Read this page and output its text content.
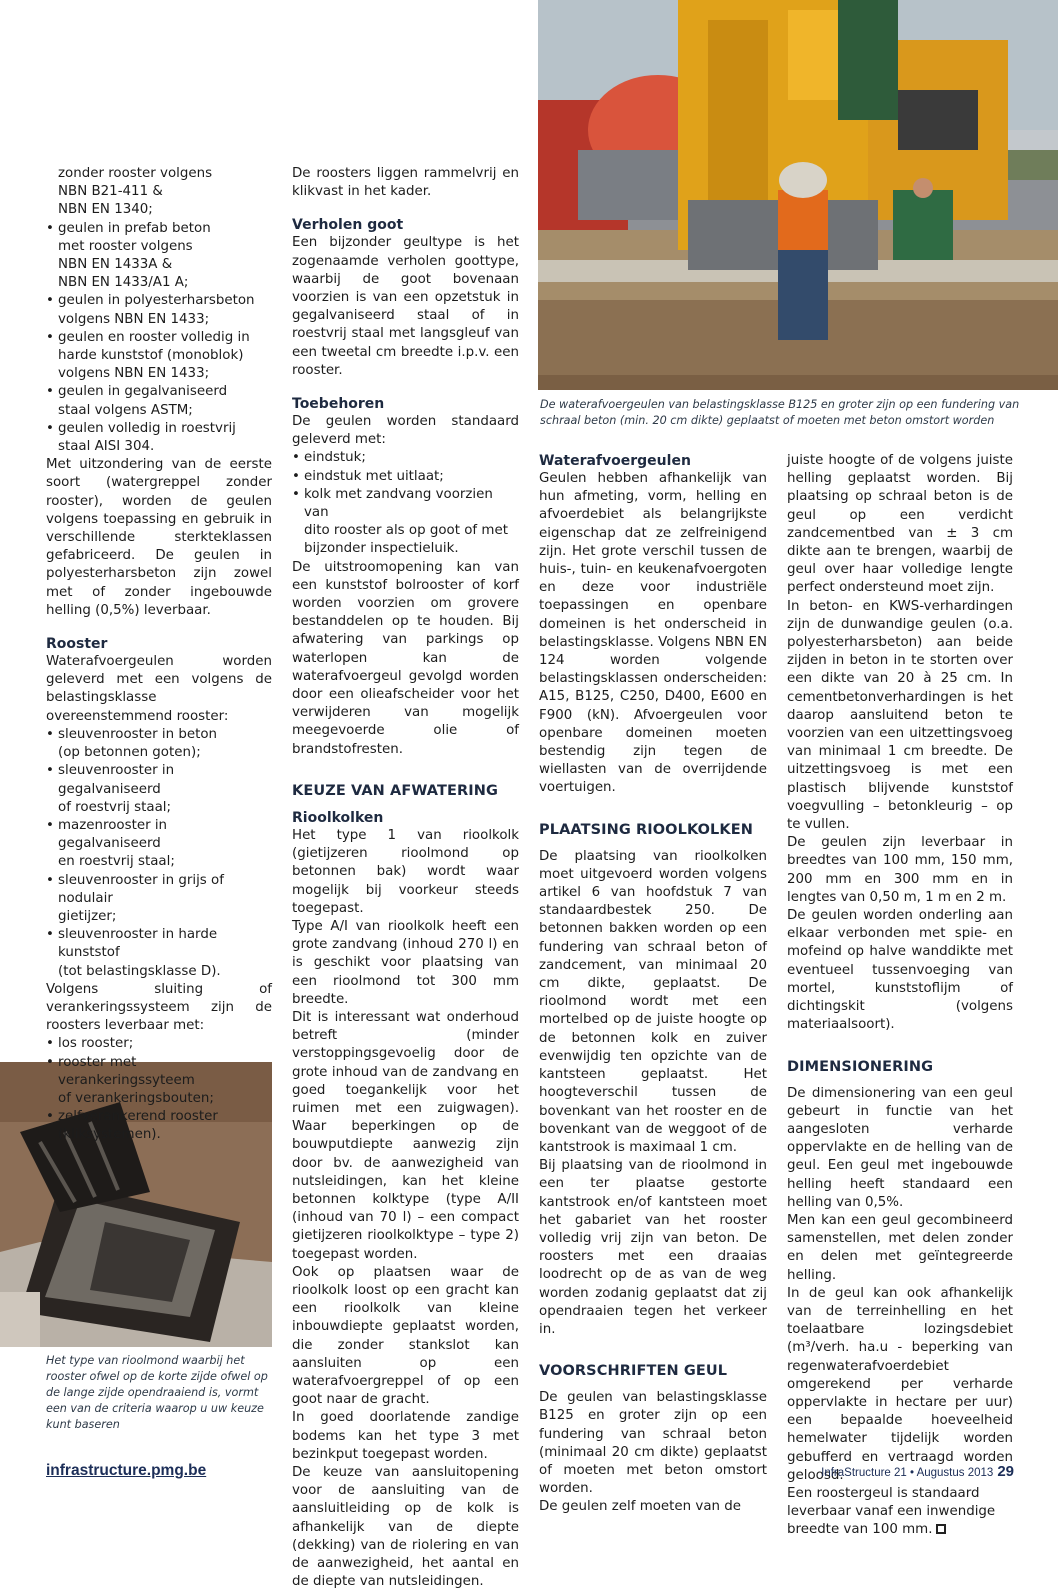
De waterafvoergeulen van belastingsklasse B125 en groter zijn op een fundering van schraal beton (min. 20 cm dikte) geplaatst of moeten met beton omstort worden

Het type van rioolmond waarbij het rooster ofwel op de korte zijde ofwel op de lange zijde opendraaiend is, vormt een van de criteria waarop u uw keuze kunt baseren

zonder rooster volgens
NBN B21-411 &
NBN EN 1340;

• geulen in prefab beton
met rooster volgens
NBN EN 1433A &
NBN EN 1433/A1 A;
• geulen in polyesterharsbeton
volgens NBN EN 1433;
• geulen en rooster volledig in
harde kunststof (monoblok)
volgens NBN EN 1433;
• geulen in gegalvaniseerd
staal volgens ASTM;
• geulen volledig in roestvrij
staal AISI 304.

Met uitzondering van de eerste soort (watergreppel zonder rooster), worden de geulen volgens toepassing en gebruik in verschillende sterkteklassen gefabriceerd. De geulen in polyesterharsbeton zijn zowel met of zonder ingebouwde helling (0,5%) leverbaar.

Rooster

Waterafvoergeulen worden geleverd met een volgens de belastingsklasse overeenstemmend rooster:

• sleuvenrooster in beton
(op betonnen goten);
• sleuvenrooster in gegalvaniseerd
of roestvrij staal;
• mazenrooster in gegalvaniseerd
en roestvrij staal;
• sleuvenrooster in grijs of nodulair
gietijzer;
• sleuvenrooster in harde kunststof
(tot belastingsklasse D).

Volgens sluiting of verankeringssysteem zijn de roosters leverbaar met:

• los rooster;
• rooster met verankeringssyteem
of verankeringsbouten;
• zelfverankerend rooster (kliksystemen).

De roosters liggen rammelvrij en klikvast in het kader.

Verholen goot

Een bijzonder geultype is het zogenaamde verholen goottype, waarbij de goot bovenaan voorzien is van een opzetstuk in gegalvaniseerd staal of in roestvrij staal met langsgleuf van een tweetal cm breedte i.p.v. een rooster.

Toebehoren

De geulen worden standaard geleverd met:

• eindstuk;
• eindstuk met uitlaat;
• kolk met zandvang voorzien van
dito rooster als op goot of met
bijzonder inspectieluik.

De uitstroomopening kan van een kunststof bolrooster of korf worden voorzien om grovere bestanddelen op te houden. Bij afwatering van parkings op waterlopen kan de waterafvoergeul gevolgd worden door een olieafscheider voor het verwijderen van mogelijk meegevoerde olie of brandstofresten.

KEUZE VAN AFWATERING
Rioolkolken

Het type 1 van rioolkolk (gietijzeren rioolmond op betonnen bak) wordt waar mogelijk bij voorkeur steeds toegepast.

Type A/I van rioolkolk heeft een grote zandvang (inhoud 270 l) en is geschikt voor plaatsing van een rioolmond tot 300 mm breedte.

Dit is interessant wat onderhoud betreft (minder verstoppingsgevoelig door de grote inhoud van de zandvang en goed toegankelijk voor het ruimen met een zuigwagen). Waar beperkingen op de bouwputdiepte aanwezig zijn door bv. de aanwezigheid van nutsleidingen, kan het kleine betonnen kolktype (type A/II (inhoud van 70 l) – een compact gietijzeren rioolkolktype – type 2) toegepast worden.

Ook op plaatsen waar de rioolkolk loost op een gracht kan een rioolkolk van kleine inbouwdiepte geplaatst worden, die zonder stankslot kan aansluiten op een waterafvoergreppel of op een goot naar de gracht.

In goed doorlatende zandige bodems kan het type 3 met bezinkput toegepast worden.

De keuze van aansluitopening voor de aansluiting van de aansluitleiding op de kolk is afhankelijk van de diepte (dekking) van de riolering en van de aanwezigheid, het aantal en de diepte van nutsleidingen.

Waterafvoergeulen

Geulen hebben afhankelijk van hun afmeting, vorm, helling en afvoerdebiet als belangrijkste eigenschap dat ze zelfreinigend zijn. Het grote verschil tussen de huis-, tuin- en keukenafvoergoten en deze voor industriële toepassingen en openbare domeinen is het onderscheid in belastingsklasse. Volgens NBN EN 124 worden volgende belastingsklassen onderscheiden: A15, B125, C250, D400, E600 en F900 (kN). Afvoergeulen voor openbare domeinen moeten bestendig zijn tegen de wiellasten van de overrijdende voertuigen.

PLAATSING RIOOLKOLKEN

De plaatsing van rioolkolken moet uitgevoerd worden volgens artikel 6 van hoofdstuk 7 van standaardbestek 250. De betonnen bakken worden op een fundering van schraal beton of zandcement, van minimaal 20 cm dikte, geplaatst. De rioolmond wordt met een mortelbed op de juiste hoogte op de betonnen kolk en zuiver evenwijdig ten opzichte van de kantsteen geplaatst. Het hoogteverschil tussen de bovenkant van het rooster en de bovenkant van de weggoot of de kantstrook is maximaal 1 cm.

Bij plaatsing van de rioolmond in een ter plaatse gestorte kantstrook en/of kantsteen moet het gabariet van het rooster volledig vrij zijn van beton. De roosters met een draaias loodrecht op de as van de weg worden zodanig geplaatst dat zij opendraaien tegen het verkeer in.

VOORSCHRIFTEN GEUL

De geulen van belastingsklasse B125 en groter zijn op een fundering van schraal beton (minimaal 20 cm dikte) geplaatst of moeten met beton omstort worden.

De geulen zelf moeten van de

juiste hoogte of de volgens juiste helling geplaatst worden. Bij plaatsing op schraal beton is de geul op een verdicht zandcementbed van ± 3 cm dikte aan te brengen, waarbij de geul over haar volledige lengte perfect ondersteund moet zijn.

In beton- en KWS-verhardingen zijn de dunwandige geulen (o.a. polyesterharsbeton) aan beide zijden in beton in te storten over een dikte van 20 à 25 cm. In cementbetonverhardingen is het daarop aansluitend beton te voorzien van een uitzettingsvoeg van minimaal 1 cm breedte. De uitzettingsvoeg is met een plastisch blijvende kunststof voegvulling – betonkleurig – op te vullen.

De geulen zijn leverbaar in breedtes van 100 mm, 150 mm, 200 mm en 300 mm en in lengtes van 0,50 m, 1 m en 2 m.

De geulen worden onderling aan elkaar verbonden met spie- en mofeind op halve wanddikte met eventueel tussenvoeging van mortel, kunststoflijm of dichtingskit (volgens materiaalsoort).

DIMENSIONERING

De dimensionering van een geul gebeurt in functie van het aangesloten verharde oppervlakte en de helling van de geul. Een geul met ingebouwde helling heeft standaard een helling van 0,5%.

Men kan een geul gecombineerd samenstellen, met delen zonder en delen met geïntegreerde helling.

In de geul kan ook afhankelijk van de terreinhelling en het toelaatbare lozingsdebiet (m³/verh. ha.u - beperking van regenwaterafvoerdebiet omgerekend per verharde oppervlakte in hectare per uur) een bepaalde hoeveelheid hemelwater tijdelijk worden gebufferd en vertraagd worden geloosd.

Een roostergeul is standaard leverbaar vanaf een inwendige breedte van 100 mm.

infrastructure.pmg.be	InfraStructure 21 • Augustus 2013 29
